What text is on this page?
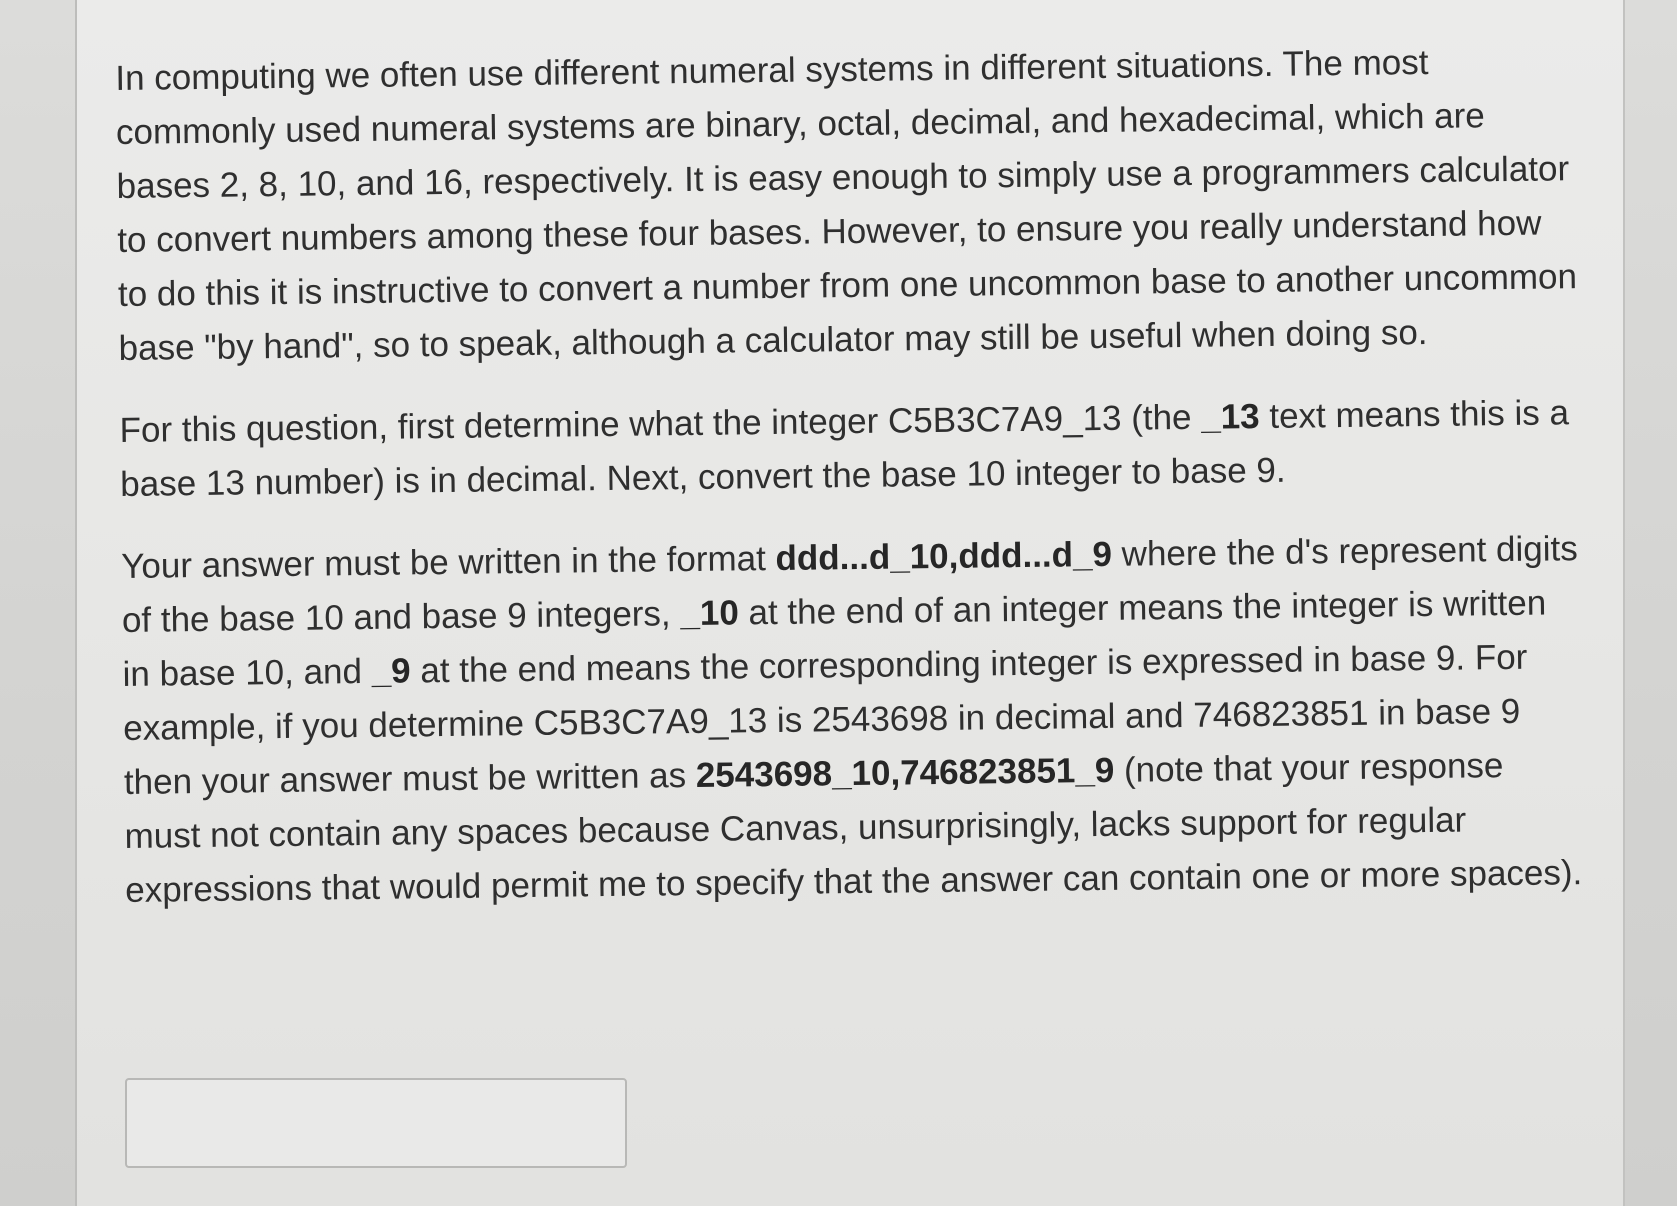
In computing we often use different numeral systems in different situations. The most commonly used numeral systems are binary, octal, decimal, and hexadecimal, which are bases 2, 8, 10, and 16, respectively. It is easy enough to simply use a programmers calculator to convert numbers among these four bases. However, to ensure you really understand how to do this it is instructive to convert a number from one uncommon base to another uncommon base "by hand", so to speak, although a calculator may still be useful when doing so.

For this question, first determine what the integer C5B3C7A9_13 (the _13 text means this is a base 13 number) is in decimal. Next, convert the base 10 integer to base 9.

Your answer must be written in the format ddd...d_10,ddd...d_9 where the d's represent digits of the base 10 and base 9 integers, _10 at the end of an integer means the integer is written in base 10, and _9 at the end means the corresponding integer is expressed in base 9. For example, if you determine C5B3C7A9_13 is 2543698 in decimal and 746823851 in base 9 then your answer must be written as 2543698_10,746823851_9 (note that your response must not contain any spaces because Canvas, unsurprisingly, lacks support for regular expressions that would permit me to specify that the answer can contain one or more spaces).
